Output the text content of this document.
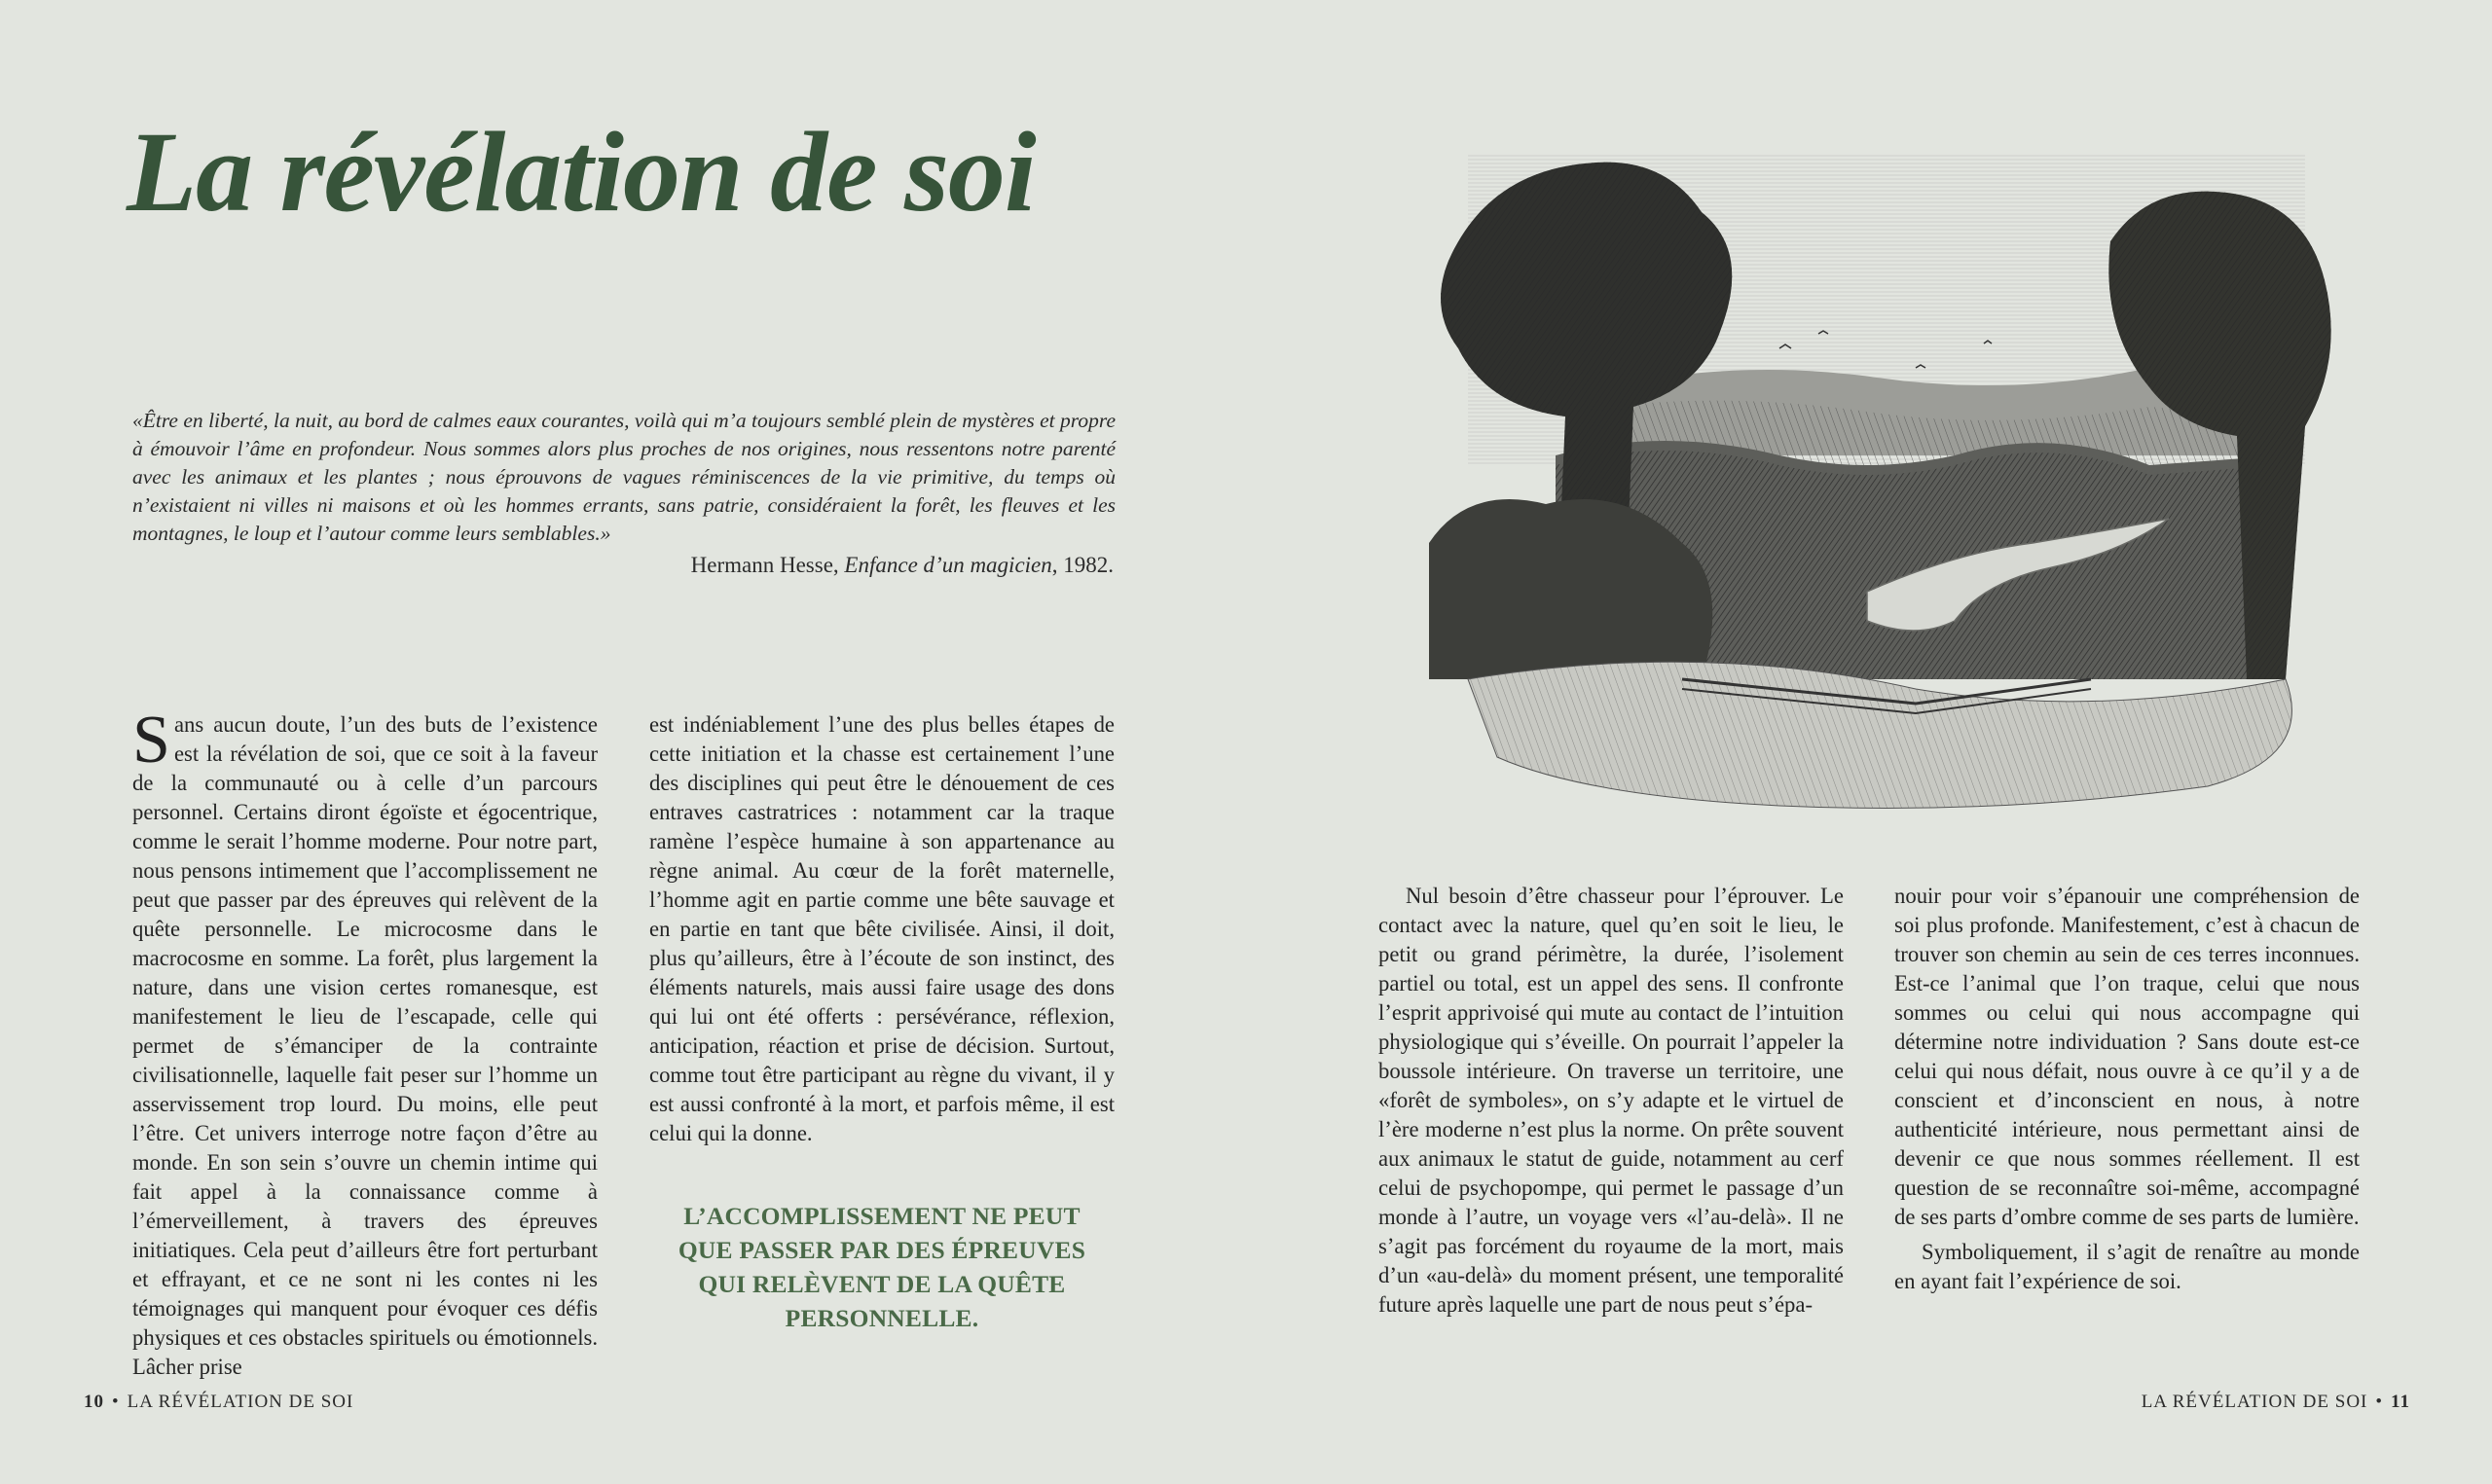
La révélation de soi
«Être en liberté, la nuit, au bord de calmes eaux courantes, voilà qui m’a toujours semblé plein de mystères et propre à émouvoir l’âme en profondeur. Nous sommes alors plus proches de nos origines, nous ressentons notre parenté avec les animaux et les plantes ; nous éprouvons de vagues réminiscences de la vie primitive, du temps où n’existaient ni villes ni maisons et où les hommes errants, sans patrie, considéraient la forêt, les fleuves et les montagnes, le loup et l’autour comme leurs semblables.»
Hermann Hesse, Enfance d’un magicien, 1982.

Sans aucun doute, l’un des buts de l’existence est la révélation de soi, que ce soit à la faveur de la communauté ou à celle d’un parcours personnel. Certains diront égoïste et égocentrique, comme le serait l’homme moderne. Pour notre part, nous pensons intimement que l’accomplissement ne peut que passer par des épreuves qui relèvent de la quête personnelle. Le microcosme dans le macrocosme en somme. La forêt, plus largement la nature, dans une vision certes romanesque, est manifestement le lieu de l’escapade, celle qui permet de s’émanciper de la contrainte civilisationnelle, laquelle fait peser sur l’homme un asservissement trop lourd. Du moins, elle peut l’être. Cet univers interroge notre façon d’être au monde. En son sein s’ouvre un chemin intime qui fait appel à la connaissance comme à l’émerveillement, à travers des épreuves initiatiques. Cela peut d’ailleurs être fort perturbant et effrayant, et ce ne sont ni les contes ni les témoignages qui manquent pour évoquer ces défis physiques et ces obstacles spirituels ou émotionnels. Lâcher prise

est indéniablement l’une des plus belles étapes de cette initiation et la chasse est certainement l’une des disciplines qui peut être le dénouement de ces entraves castratrices : notamment car la traque ramène l’espèce humaine à son appartenance au règne animal. Au cœur de la forêt maternelle, l’homme agit en partie comme une bête sauvage et en partie en tant que bête civilisée. Ainsi, il doit, plus qu’ailleurs, être à l’écoute de son instinct, des éléments naturels, mais aussi faire usage des dons qui lui ont été offerts : persévérance, réflexion, anticipation, réaction et prise de décision. Surtout, comme tout être participant au règne du vivant, il y est aussi confronté à la mort, et parfois même, il est celui qui la donne.

L’ACCOMPLISSEMENT NE PEUT QUE PASSER PAR DES ÉPREUVES QUI RELÈVENT DE LA QUÊTE PERSONNELLE.
10 • LA RÉVÉLATION DE SOI

Nul besoin d’être chasseur pour l’éprouver. Le contact avec la nature, quel qu’en soit le lieu, le petit ou grand périmètre, la durée, l’isolement partiel ou total, est un appel des sens. Il confronte l’esprit apprivoisé qui mute au contact de l’intuition physiologique qui s’éveille. On pourrait l’appeler la boussole intérieure. On traverse un territoire, une «forêt de symboles», on s’y adapte et le virtuel de l’ère moderne n’est plus la norme. On prête souvent aux animaux le statut de guide, notamment au cerf celui de psychopompe, qui permet le passage d’un monde à l’autre, un voyage vers «l’au-delà». Il ne s’agit pas forcément du royaume de la mort, mais d’un «au-delà» du moment présent, une temporalité future après laquelle une part de nous peut s’épa-

nouir pour voir s’épanouir une compréhension de soi plus profonde. Manifestement, c’est à chacun de trouver son chemin au sein de ces terres inconnues. Est-ce l’animal que l’on traque, celui que nous sommes ou celui qui nous accompagne qui détermine notre individuation ? Sans doute est-ce celui qui nous défait, nous ouvre à ce qu’il y a de conscient et d’inconscient en nous, à notre authenticité intérieure, nous permettant ainsi de devenir ce que nous sommes réellement. Il est question de se reconnaître soi-même, accompagné de ses parts d’ombre comme de ses parts de lumière.

Symboliquement, il s’agit de renaître au monde en ayant fait l’expérience de soi.

LA RÉVÉLATION DE SOI • 11
